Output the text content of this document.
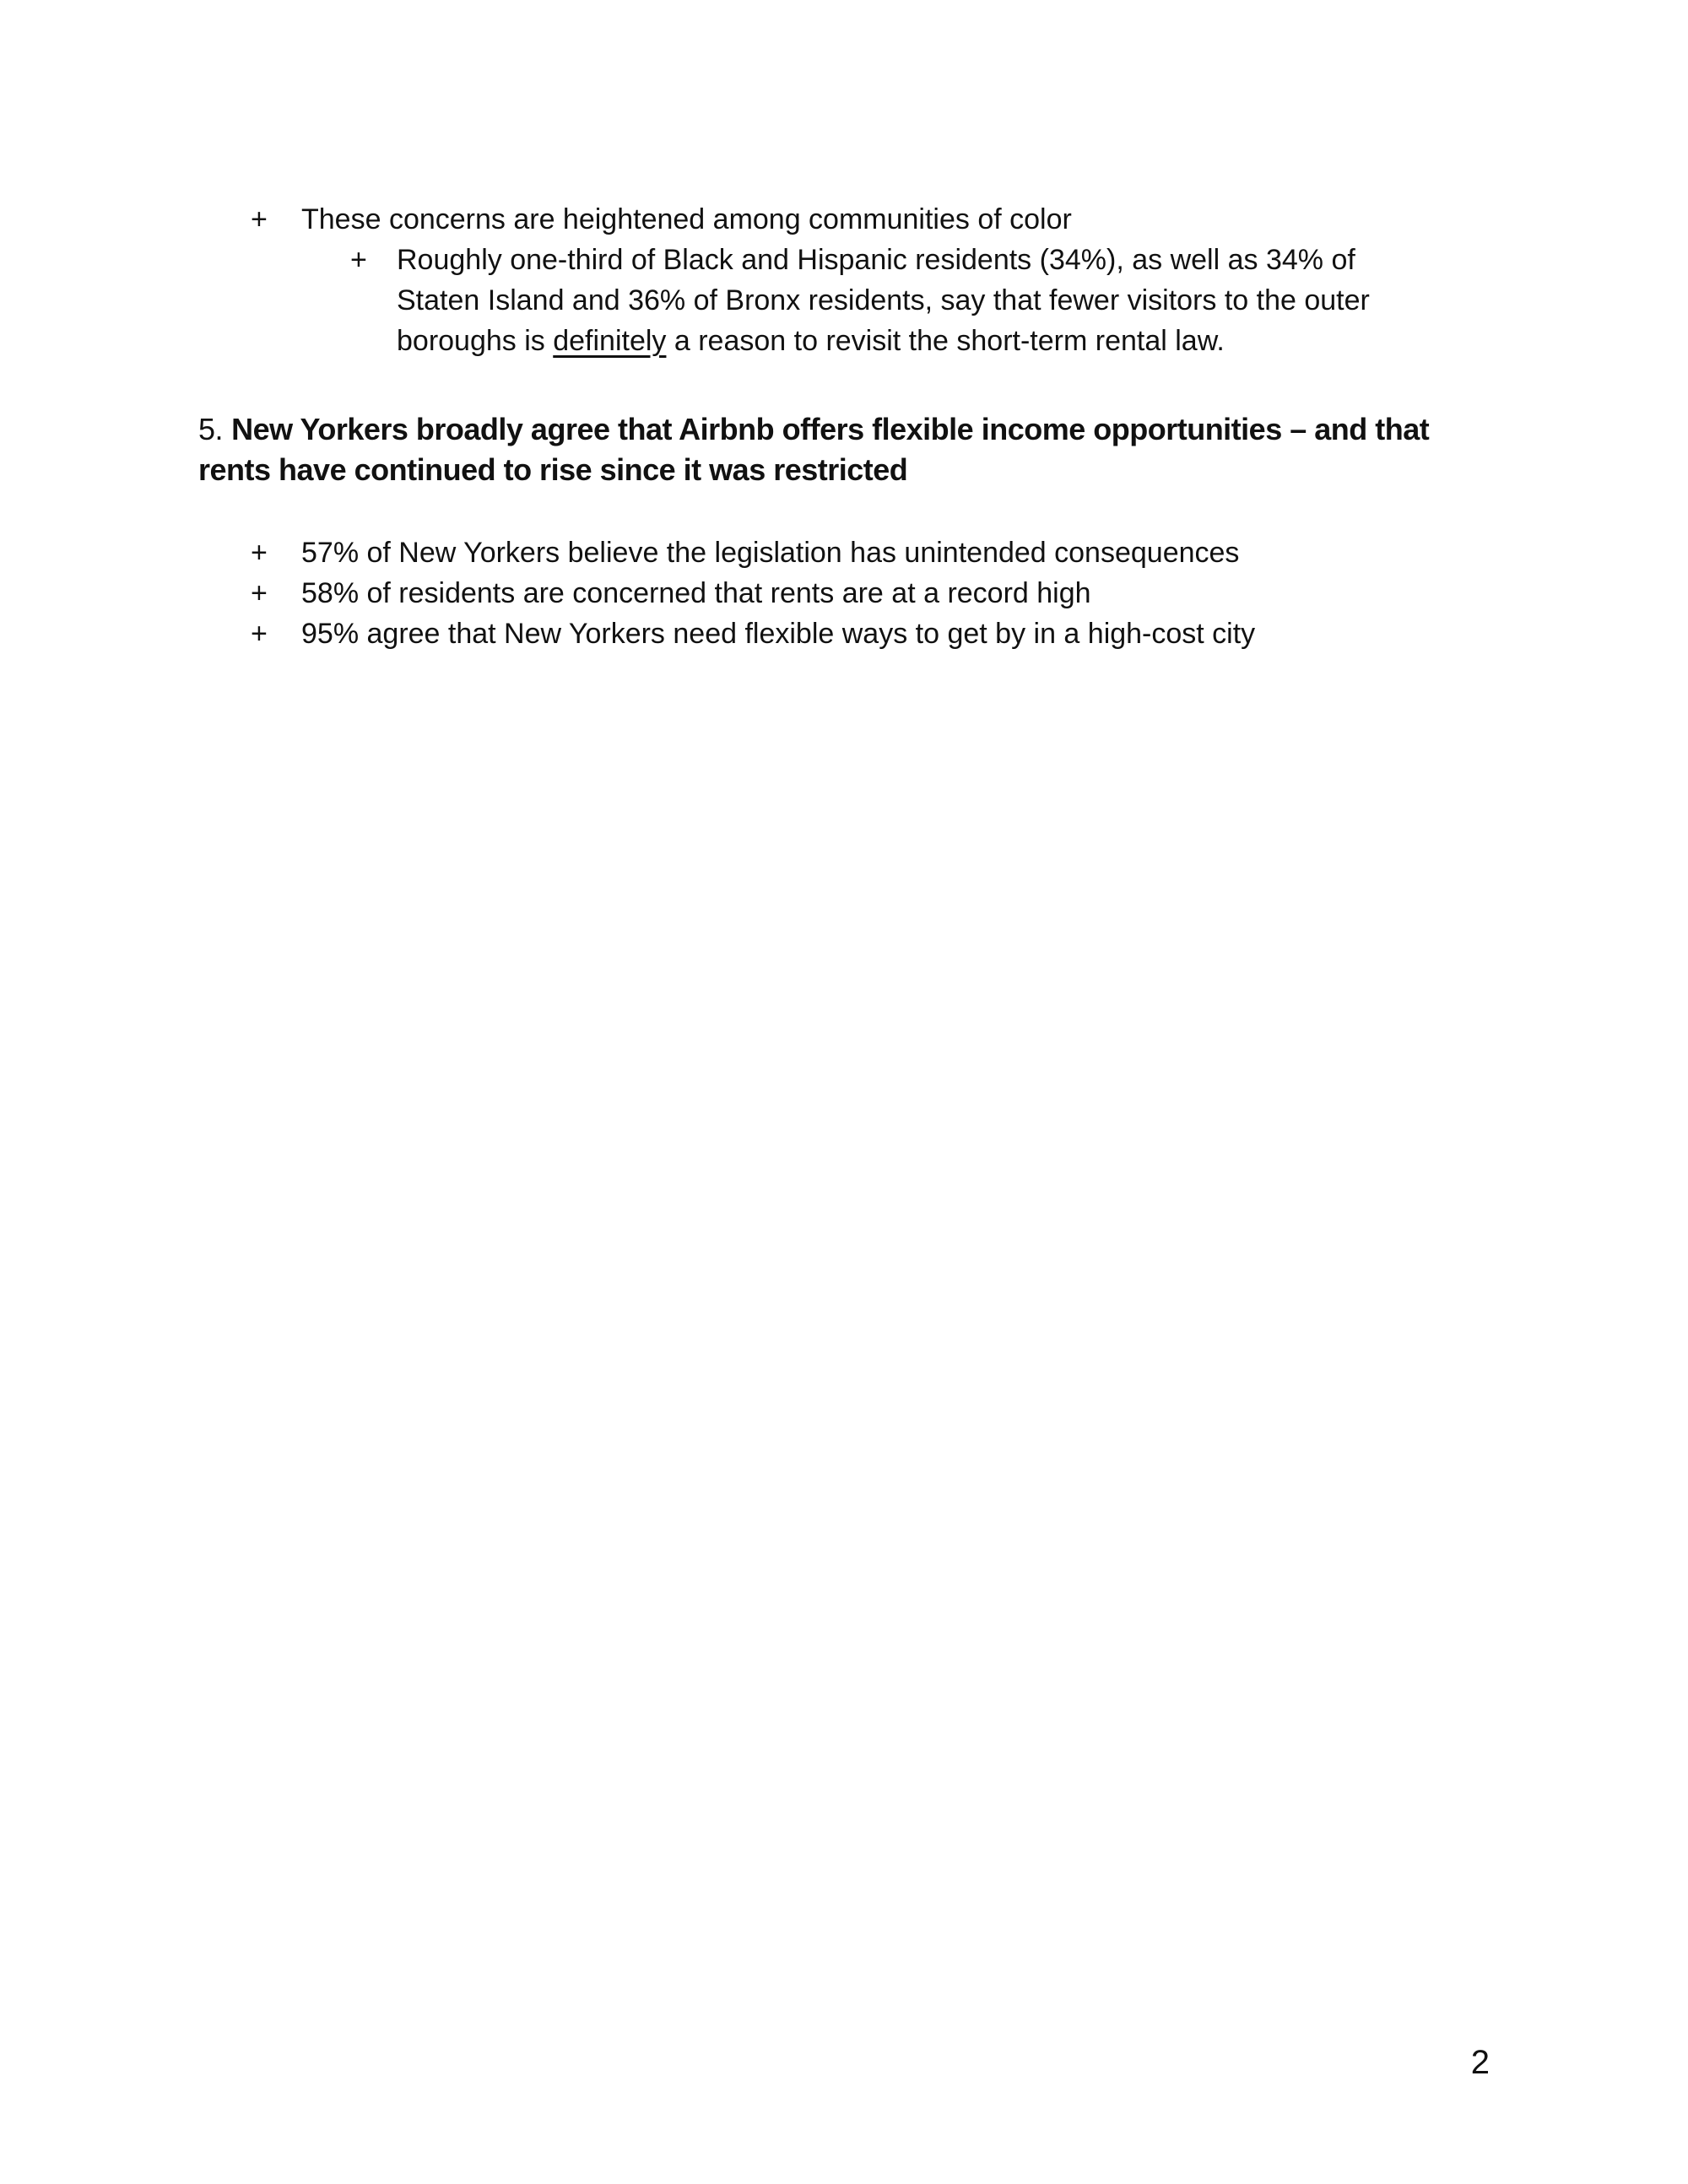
+	These concerns are heightened among communities of color
+	Roughly one-third of Black and Hispanic residents (34%), as well as 34% of
Staten Island and 36% of Bronx residents, say that fewer visitors to the outer
boroughs is definitely a reason to revisit the short-term rental law.
5. New Yorkers broadly agree that Airbnb offers flexible income opportunities – and that
rents have continued to rise since it was restricted
+	57% of New Yorkers believe the legislation has unintended consequences
+	58% of residents are concerned that rents are at a record high
+	95% agree that New Yorkers need flexible ways to get by in a high-cost city
2
